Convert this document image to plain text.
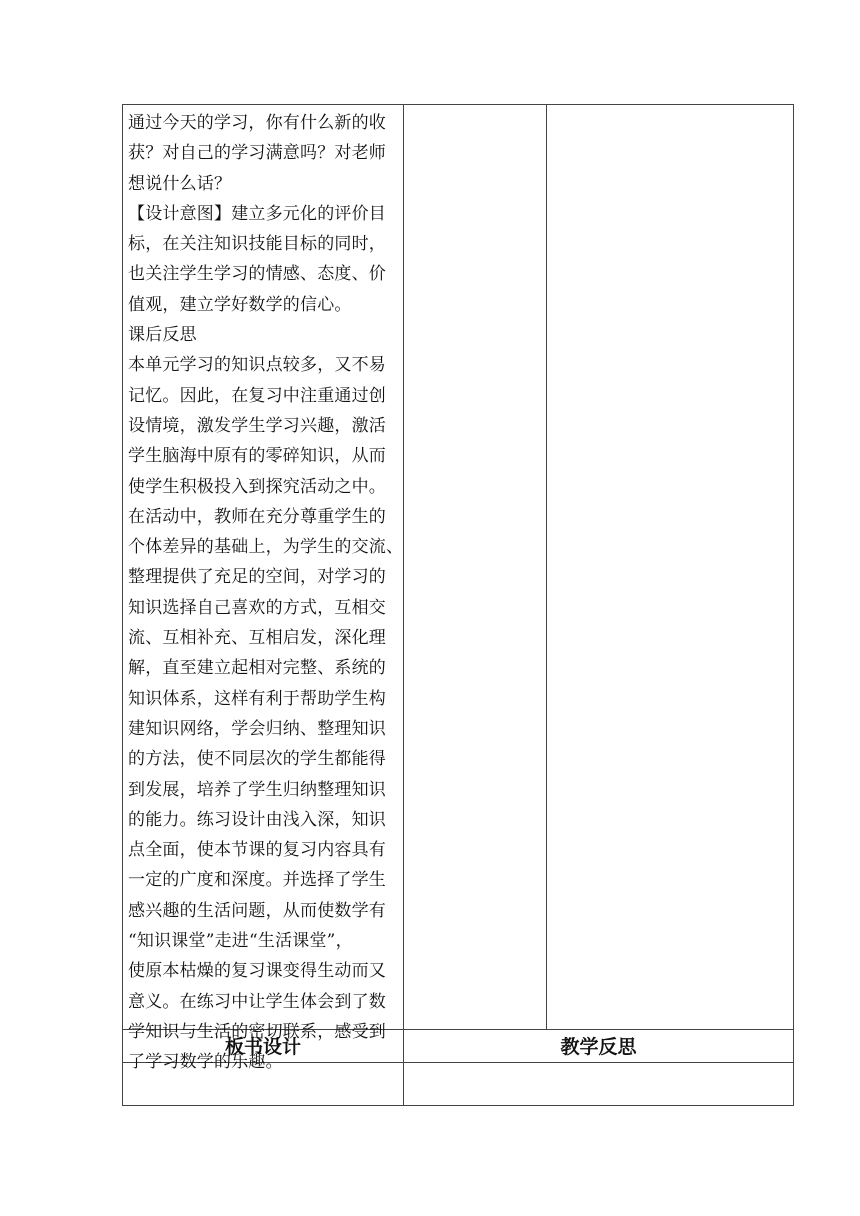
通过今天的学习，你有什么新的收
获？对自己的学习满意吗？对老师
想说什么话？
【设计意图】建立多元化的评价目
标，在关注知识技能目标的同时，
也关注学生学习的情感、态度、价
值观，建立学好数学的信心。
课后反思
本单元学习的知识点较多，又不易
记忆。因此，在复习中注重通过创
设情境，激发学生学习兴趣，激活
学生脑海中原有的零碎知识，从而
使学生积极投入到探究活动之中。
在活动中，教师在充分尊重学生的
个体差异的基础上，为学生的交流、
整理提供了充足的空间，对学习的
知识选择自己喜欢的方式，互相交
流、互相补充、互相启发，深化理
解，直至建立起相对完整、系统的
知识体系，这样有利于帮助学生构
建知识网络，学会归纳、整理知识
的方法，使不同层次的学生都能得
到发展，培养了学生归纳整理知识
的能力。练习设计由浅入深，知识
点全面，使本节课的复习内容具有
一定的广度和深度。并选择了学生
感兴趣的生活问题，从而使数学有
“知识课堂”走进“生活课堂”，
使原本枯燥的复习课变得生动而又
意义。在练习中让学生体会到了数
学知识与生活的密切联系，感受到
了学习数学的乐趣。
板书设计	教学反思
